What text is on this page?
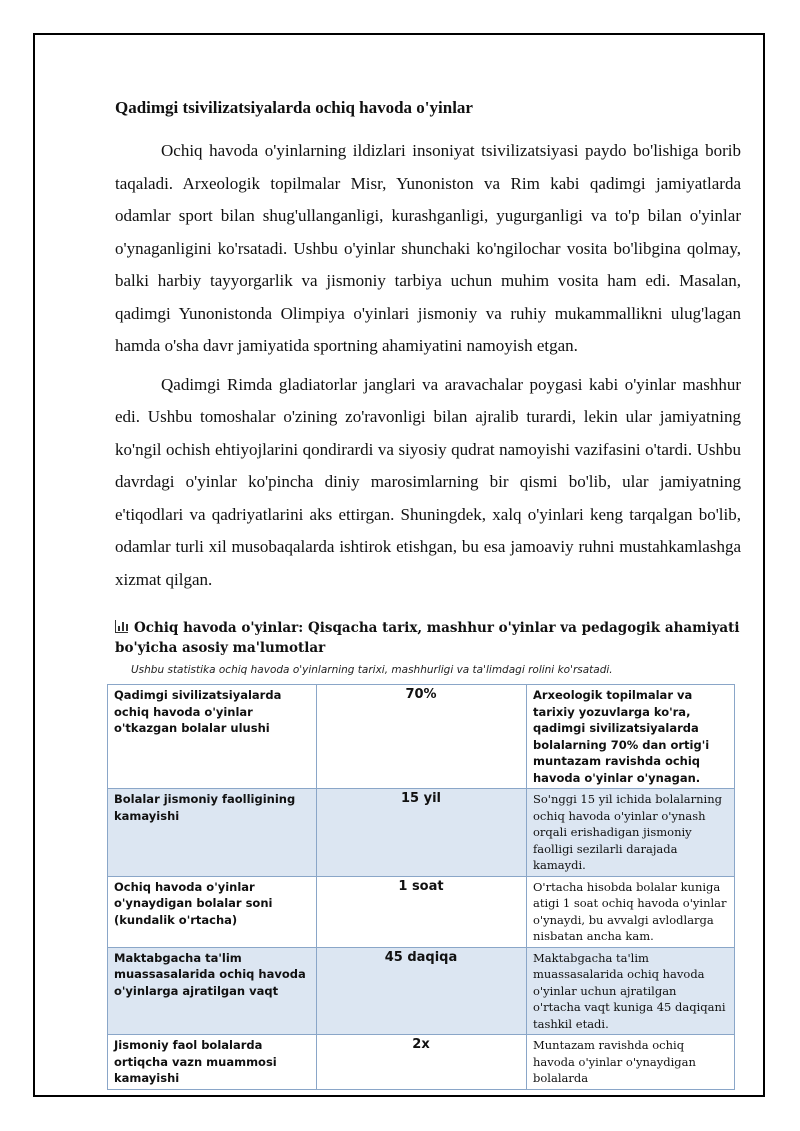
Qadimgi tsivilizatsiyalarda ochiq havoda o'yinlar

Ochiq havoda o'yinlarning ildizlari insoniyat tsivilizatsiyasi paydo bo'lishiga borib taqaladi. Arxeologik topilmalar Misr, Yunoniston va Rim kabi qadimgi jamiyatlarda odamlar sport bilan shug'ullanganligi, kurashganligi, yugurganligi va to'p bilan o'yinlar o'ynaganligini ko'rsatadi. Ushbu o'yinlar shunchaki ko'ngilochar vosita bo'libgina qolmay, balki harbiy tayyorgarlik va jismoniy tarbiya uchun muhim vosita ham edi. Masalan, qadimgi Yunonistonda Olimpiya o'yinlari jismoniy va ruhiy mukammallikni ulug'lagan hamda o'sha davr jamiyatida sportning ahamiyatini namoyish etgan.

Qadimgi Rimda gladiatorlar janglari va aravachalar poygasi kabi o'yinlar mashhur edi. Ushbu tomoshalar o'zining zo'ravonligi bilan ajralib turardi, lekin ular jamiyatning ko'ngil ochish ehtiyojlarini qondirardi va siyosiy qudrat namoyishi vazifasini o'tardi. Ushbu davrdagi o'yinlar ko'pincha diniy marosimlarning bir qismi bo'lib, ular jamiyatning e'tiqodlari va qadriyatlarini aks ettirgan. Shuningdek, xalq o'yinlari keng tarqalgan bo'lib, odamlar turli xil musobaqalarda ishtirok etishgan, bu esa jamoaviy ruhni mustahkamlashga xizmat qilgan.

Ochiq havoda o'yinlar: Qisqacha tarix, mashhur o'yinlar va pedagogik ahamiyati bo'yicha asosiy ma'lumotlar
Ushbu statistika ochiq havoda o'yinlarning tarixi, mashhurligi va ta'limdagi rolini ko'rsatadi.
Qadimgi sivilizatsiyalarda ochiq havoda o'yinlar o'tkazgan bolalar ulushi	70%	Arxeologik topilmalar va tarixiy yozuvlarga ko'ra, qadimgi sivilizatsiyalarda bolalarning 70% dan ortig'i muntazam ravishda ochiq havoda o'yinlar o'ynagan.
Bolalar jismoniy faolligining kamayishi	15 yil	So'nggi 15 yil ichida bolalarning ochiq havoda o'yinlar o'ynash orqali erishadigan jismoniy faolligi sezilarli darajada kamaydi.
Ochiq havoda o'yinlar o'ynaydigan bolalar soni (kundalik o'rtacha)	1 soat	O'rtacha hisobda bolalar kuniga atigi 1 soat ochiq havoda o'yinlar o'ynaydi, bu avvalgi avlodlarga nisbatan ancha kam.
Maktabgacha ta'lim muassasalarida ochiq havoda o'yinlarga ajratilgan vaqt	45 daqiqa	Maktabgacha ta'lim muassasalarida ochiq havoda o'yinlar uchun ajratilgan o'rtacha vaqt kuniga 45 daqiqani tashkil etadi.
Jismoniy faol bolalarda ortiqcha vazn muammosi kamayishi	2x	Muntazam ravishda ochiq havoda o'yinlar o'ynaydigan bolalarda
